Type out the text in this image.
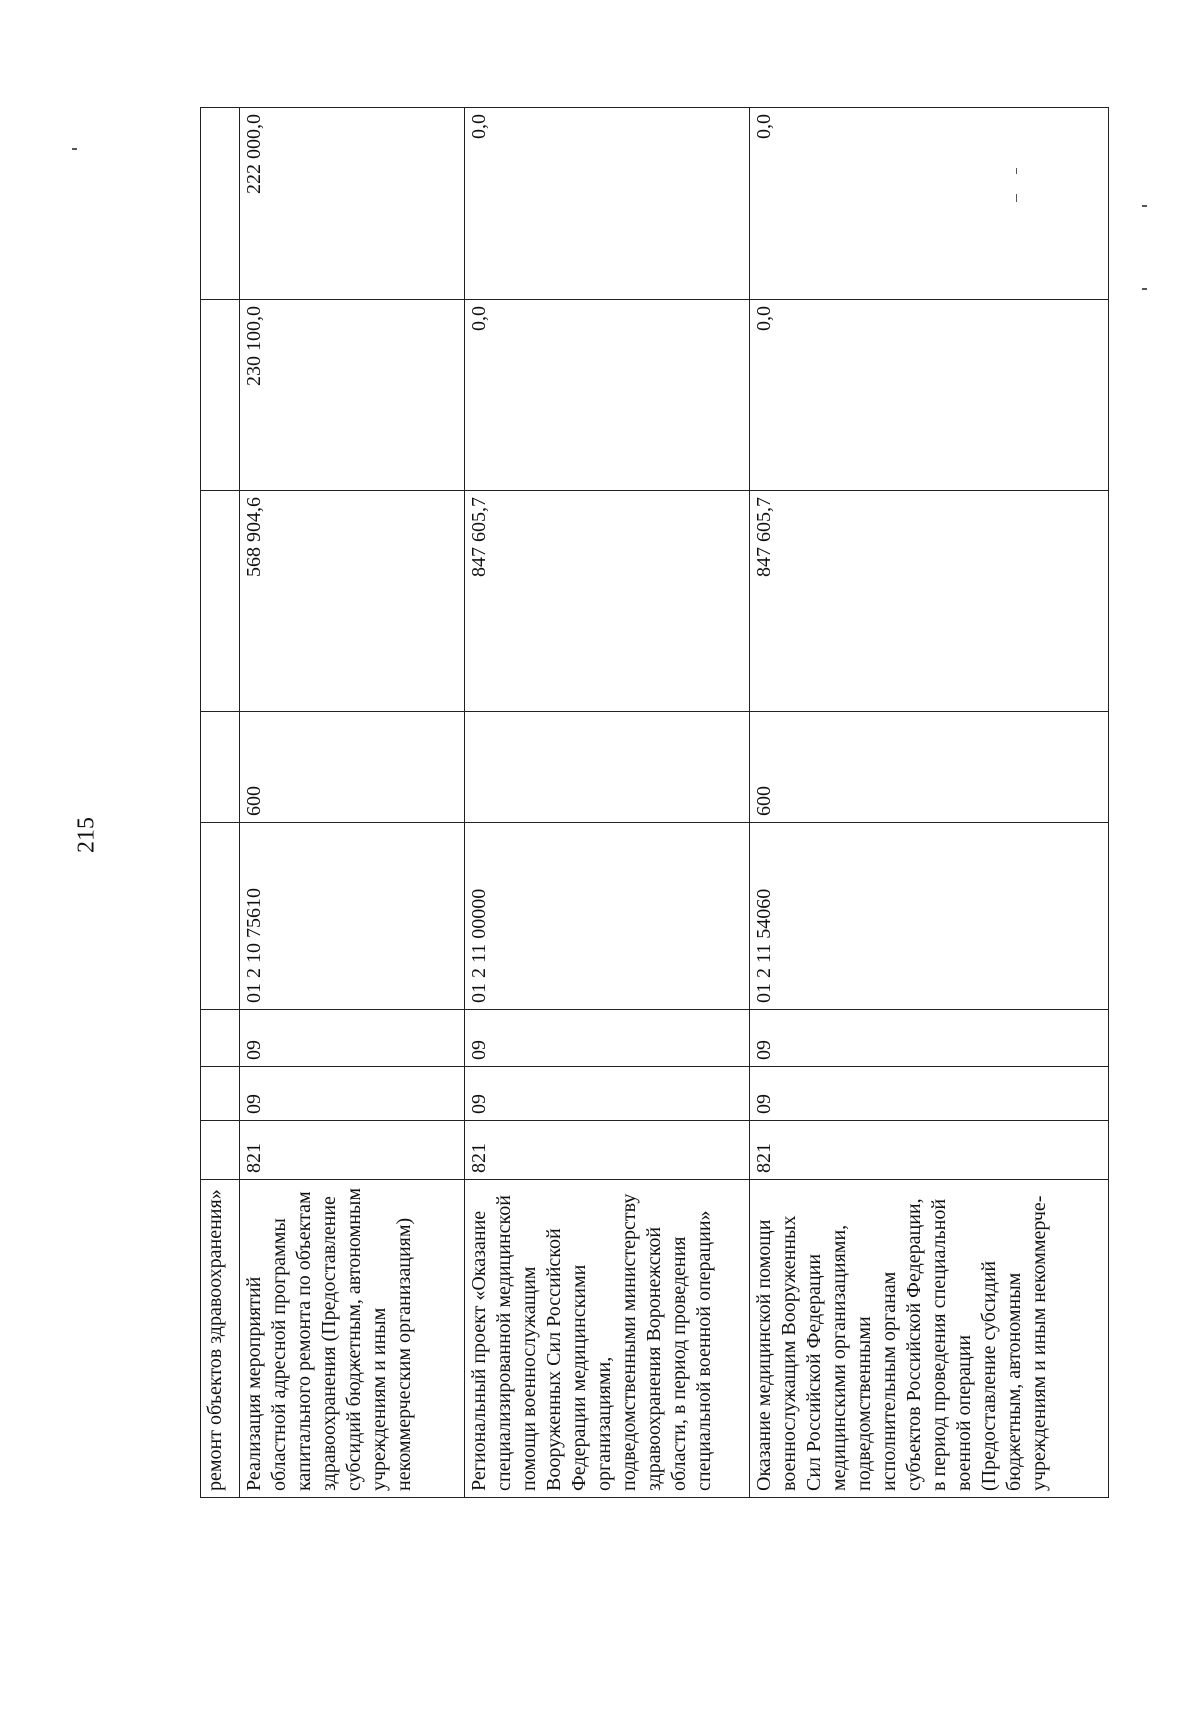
215
ремонт объектов здравоохранения»								
Реализация мероприятий областной адресной программы капитального ремонта по объектам здравоохранения (Предоставление субсидий бюджетным, автономным учреждениям и иным некоммерческим организациям)	821	09	09	01 2 10 75610	600	568 904,6	230 100,0	222 000,0
Региональный проект «Оказание специализированной медицинской помощи военнослужащим Вооруженных Сил Российской Федерации медицинскими организациями, подведомственными министерству здравоохранения Воронежской области, в период проведения специальной военной операции»	821	09	09	01 2 11 00000		847 605,7	0,0	0,0
Оказание медицинской помощи военнослужащим Вооруженных Сил Российской Федерации медицинскими организациями, подведомственными исполнительным органам субъектов Российской Федерации, в период проведения специальной военной операции (Предоставление субсидий бюджетным, автономным учреждениям и иным некоммерче-	821	09	09	01 2 11 54060	600	847 605,7	0,0	0,0
